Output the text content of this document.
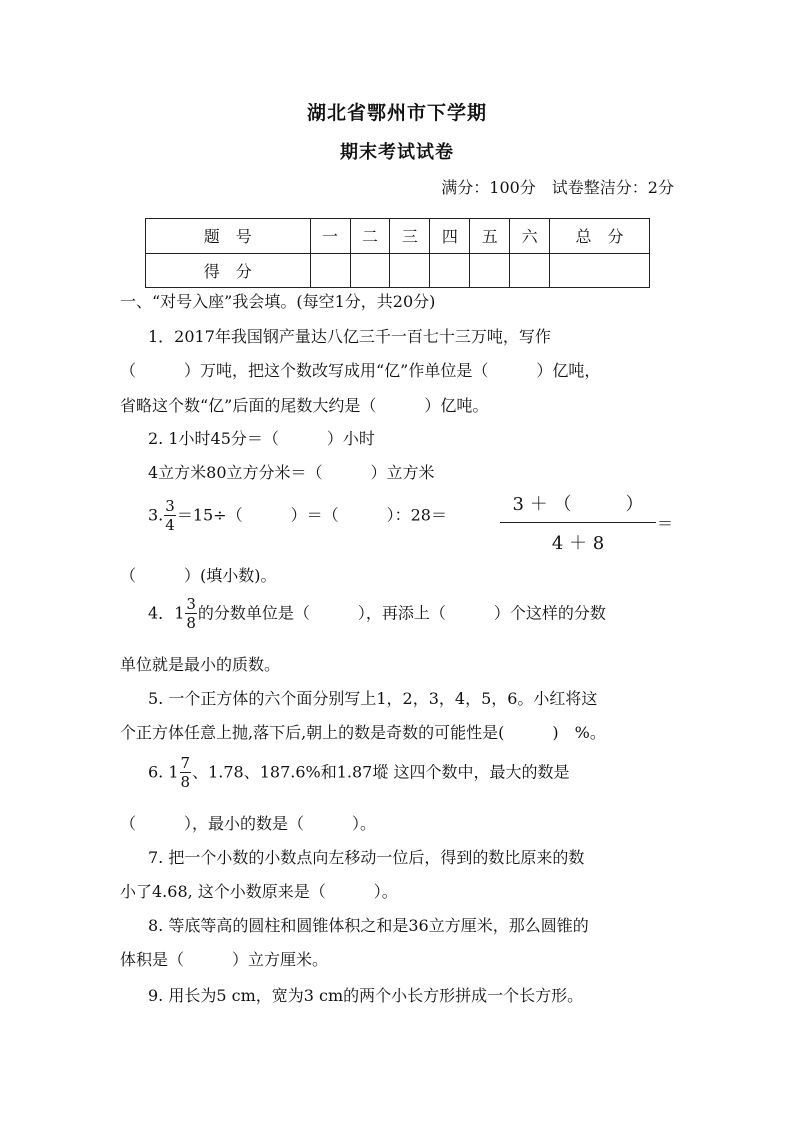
湖北省鄂州市下学期
期末考试试卷
满分：100分　试卷整洁分：2分
题　号	一	二	三	四	五	六	总　分
得　分							
一、“对号入座”我会填。(每空1分，共20分)
1．2017年我国钢产量达八亿三千一百七十三万吨，写作
（　　　）万吨，把这个数改写成用“亿”作单位是（　　　）亿吨，
省略这个数“亿”后面的尾数大约是（　　　）亿吨。
2. 1小时45分＝（　　　）小时
4立方米80立方分米＝（　　　）立方米
3. $\frac{3}{4} =15\div$（　　　）＝（　　　）：28＝	$\frac{3 + ( )}{4 + 8}$ ＝
（　　　）(填小数)。
4．$1 \frac{3}{8}$ 的分数单位是（　　　），再添上（　　　）个这样的分数
单位就是最小的质数。
5. 一个正方体的六个面分别写上1，2，3，4，5，6。小红将这
个正方体任意上抛,落下后,朝上的数是奇数的可能性是(　　　)　%。
6. $1 \frac{7}{8}$ 、1.78、187.6%和1.87㙡 这四个数中，最大的数是
（　　　），最小的数是（　　　）。
7. 把一个小数的小数点向左移动一位后，得到的数比原来的数
小了4.68, 这个小数原来是（　　　）。
8. 等底等高的圆柱和圆锥体积之和是36立方厘米，那么圆锥的
体积是（　　　）立方厘米。
9. 用长为5 cm，宽为3 cm的两个小长方形拼成一个长方形。
